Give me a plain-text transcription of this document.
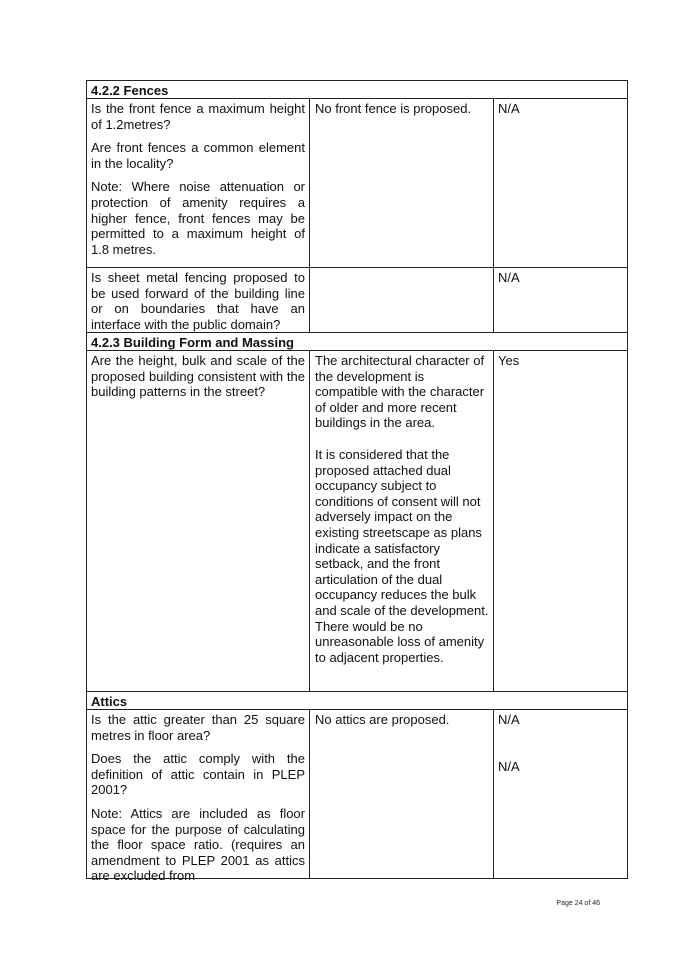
4.2.2 Fences
Is the front fence a maximum height of 1.2metres?
Are front fences a common element in the locality?
Note: Where noise attenuation or protection of amenity requires a higher fence, front fences may be permitted to a maximum height of 1.8 metres.
No front fence is proposed.	N/A
Is sheet metal fencing proposed to be used forward of the building line or on boundaries that have an interface with the public domain?
N/A
4.2.3 Building Form and Massing
Are the height, bulk and scale of the proposed building consistent with the building patterns in the street?
The architectural character of the development is compatible with the character of older and more recent buildings in the area.
It is considered that the proposed attached dual occupancy subject to conditions of consent will not adversely impact on the existing streetscape as plans indicate a satisfactory setback, and the front articulation of the dual occupancy reduces the bulk and scale of the development. There would be no unreasonable loss of amenity to adjacent properties.
Yes
Attics
Is the attic greater than 25 square metres in floor area?
Does the attic comply with the definition of attic contain in PLEP 2001?
Note: Attics are included as floor space for the purpose of calculating the floor space ratio. (requires an amendment to PLEP 2001 as attics are excluded from
No attics are proposed.	N/A
N/A
Page 24 of 46
